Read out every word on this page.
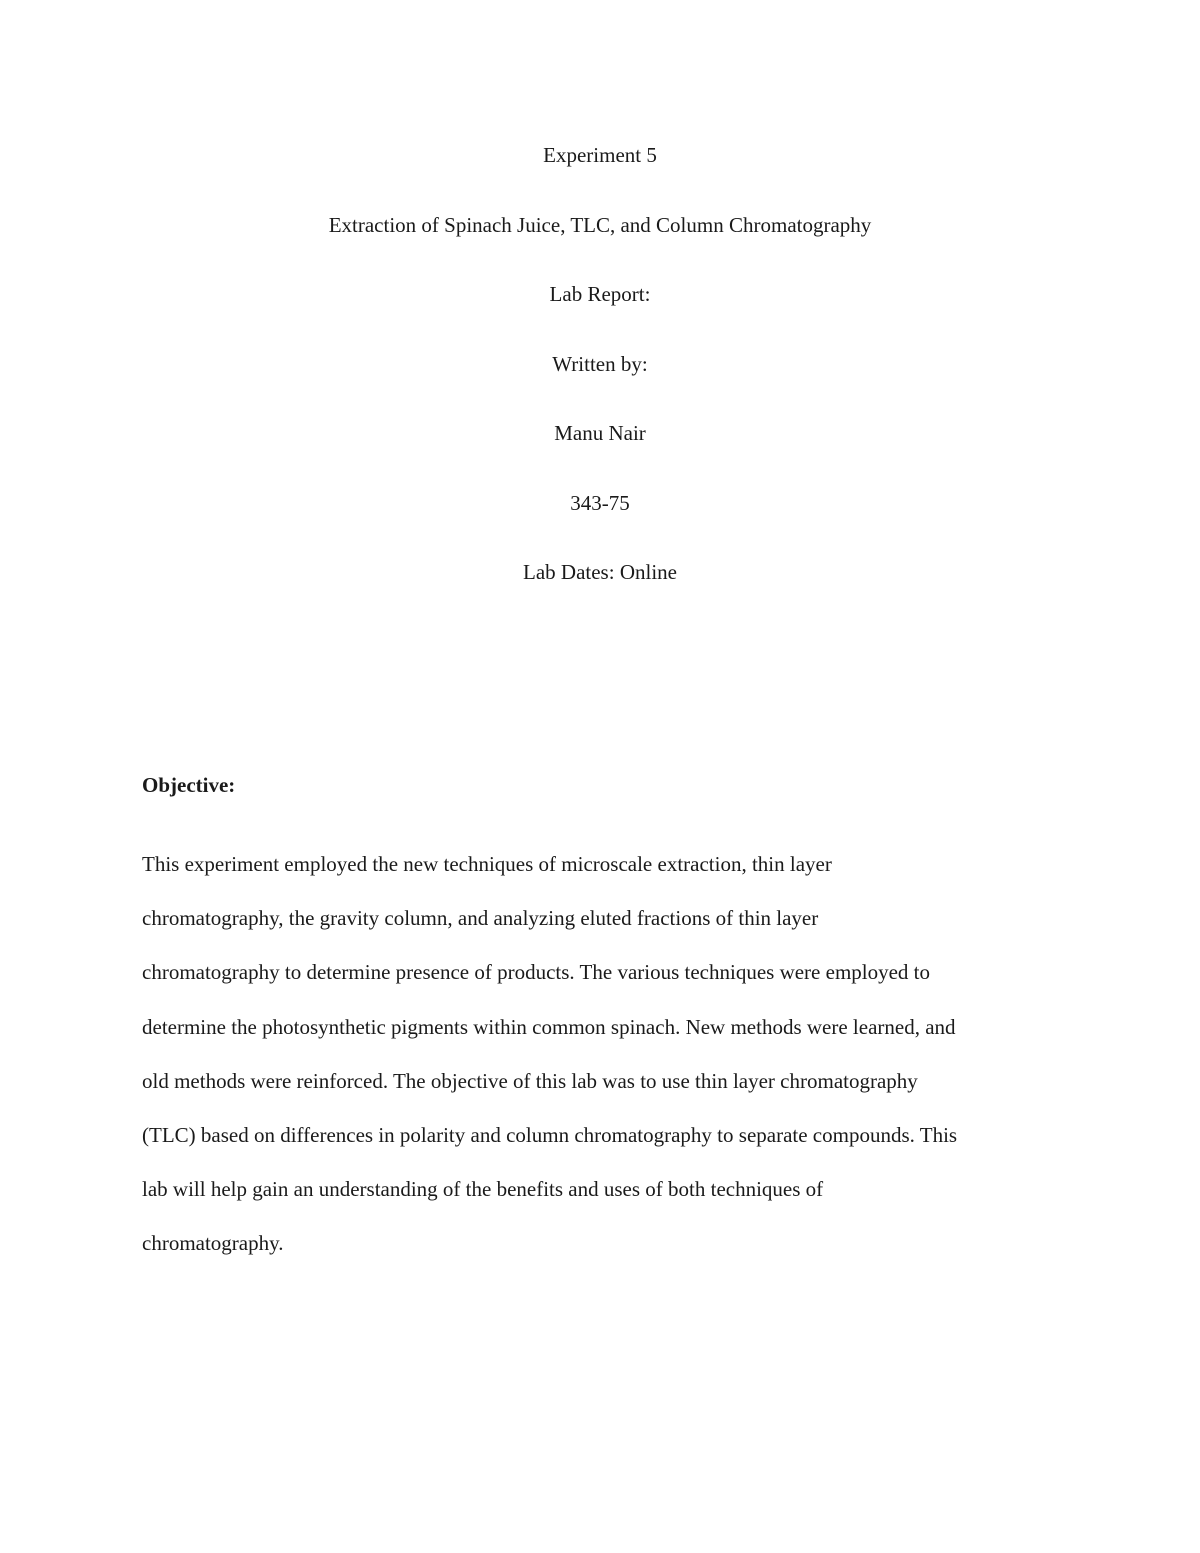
Experiment 5
Extraction of Spinach Juice, TLC, and Column Chromatography
Lab Report:
Written by:
Manu Nair
343-75
Lab Dates: Online
Objective:
This experiment employed the new techniques of microscale extraction, thin layer
chromatography, the gravity column, and analyzing eluted fractions of thin layer
chromatography to determine presence of products. The various techniques were employed to
determine the photosynthetic pigments within common spinach. New methods were learned, and
old methods were reinforced. The objective of this lab was to use thin layer chromatography
(TLC) based on differences in polarity and column chromatography to separate compounds. This
lab will help gain an understanding of the benefits and uses of both techniques of
chromatography.
